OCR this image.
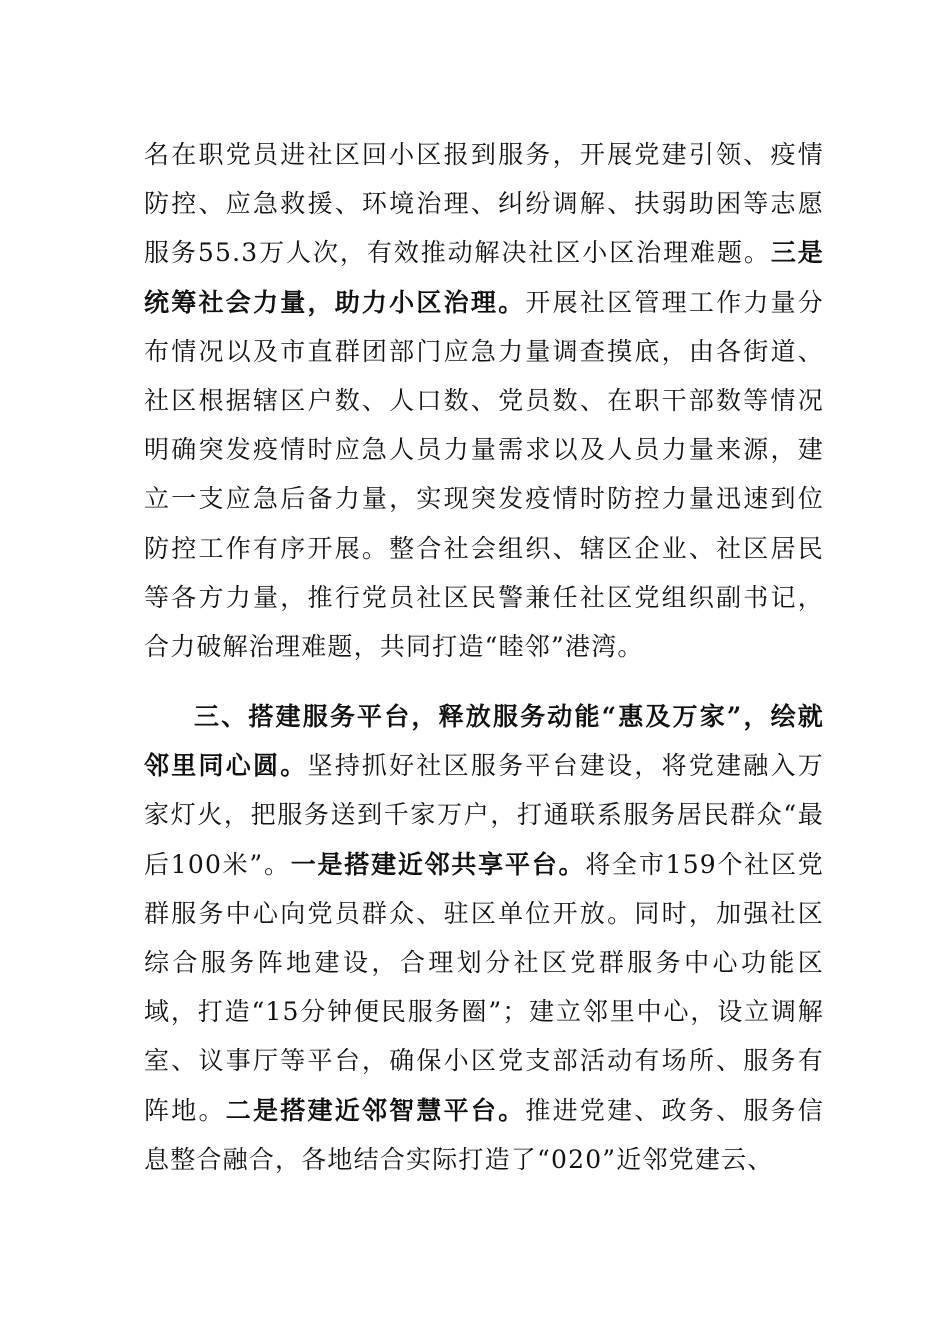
名在职党员进社区回小区报到服务，开展党建引领、疫情防控、应急救援、环境治理、纠纷调解、扶弱助困等志愿服务55.3万人次，有效推动解决社区小区治理难题。三是统筹社会力量，助力小区治理。开展社区管理工作力量分布情况以及市直群团部门应急力量调查摸底，由各街道、社区根据辖区户数、人口数、党员数、在职干部数等情况明确突发疫情时应急人员力量需求以及人员力量来源，建立一支应急后备力量，实现突发疫情时防控力量迅速到位防控工作有序开展。整合社会组织、辖区企业、社区居民等各方力量，推行党员社区民警兼任社区党组织副书记，合力破解治理难题，共同打造“睦邻”港湾。

三、搭建服务平台，释放服务动能“惠及万家”，绘就邻里同心圆。坚持抓好社区服务平台建设，将党建融入万家灯火，把服务送到千家万户，打通联系服务居民群众“最后100米”。一是搭建近邻共享平台。将全市159个社区党群服务中心向党员群众、驻区单位开放。同时，加强社区综合服务阵地建设，合理划分社区党群服务中心功能区域，打造“15分钟便民服务圈”；建立邻里中心，设立调解室、议事厅等平台，确保小区党支部活动有场所、服务有阵地。二是搭建近邻智慧平台。推进党建、政务、服务信息整合融合，各地结合实际打造了“020”近邻党建云、
